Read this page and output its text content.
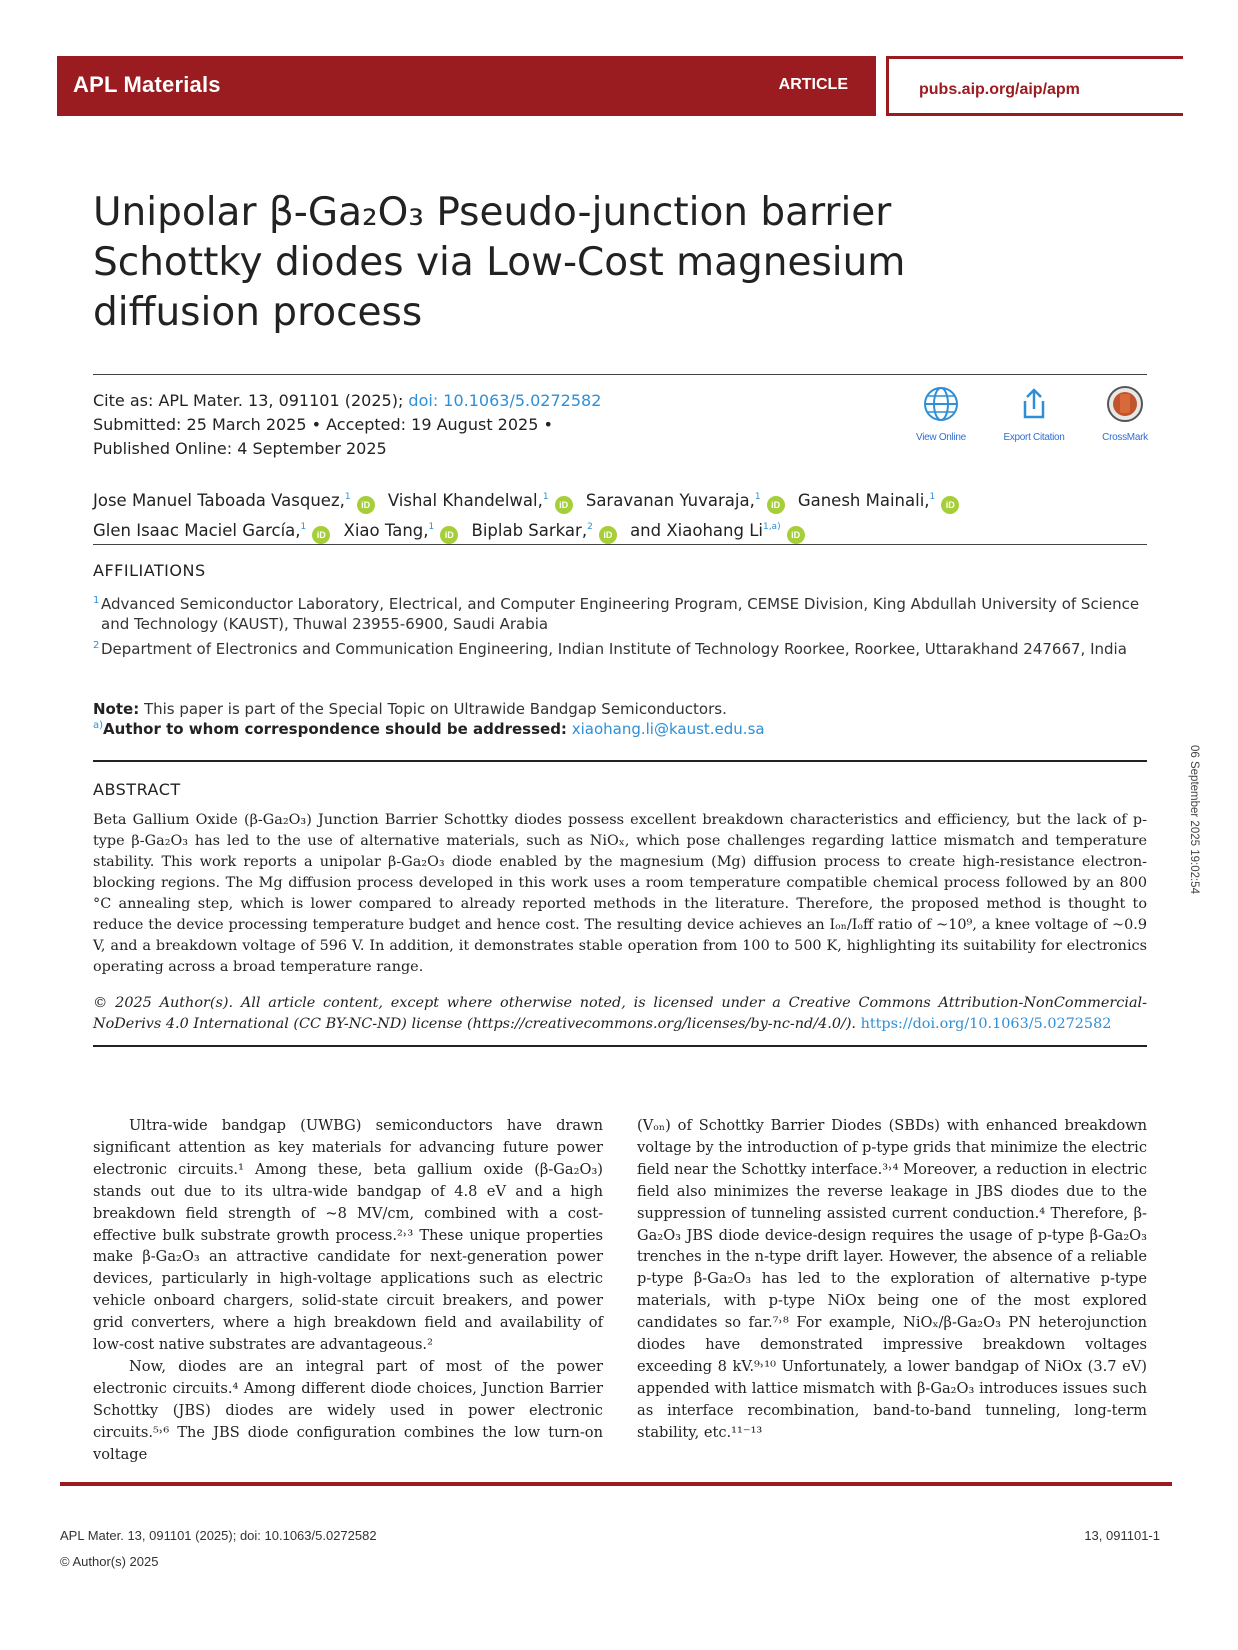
APL Materials	ARTICLE	pubs.aip.org/aip/apm
Unipolar β-Ga₂O₃ Pseudo-junction barrier Schottky diodes via Low-Cost magnesium diffusion process
Cite as: APL Mater. 13, 091101 (2025); doi: 10.1063/5.0272582
Submitted: 25 March 2025 • Accepted: 19 August 2025 •
Published Online: 4 September 2025
View Online	Export Citation	CrossMark
Jose Manuel Taboada Vasquez,$^1$iD Vishal Khandelwal,$^1$iD Saravanan Yuvaraja,$^1$iD Ganesh Mainali,$^1$iD
Glen Isaac Maciel García,$^1$iD Xiao Tang,$^1$iD Biplab Sarkar,$^2$iD and Xiaohang Li$^{1,a)}$iD
AFFILIATIONS
1 Advanced Semiconductor Laboratory, Electrical, and Computer Engineering Program, CEMSE Division, King Abdullah University of Science and Technology (KAUST), Thuwal 23955-6900, Saudi Arabia
2 Department of Electronics and Communication Engineering, Indian Institute of Technology Roorkee, Roorkee, Uttarakhand 247667, India
Note: This paper is part of the Special Topic on Ultrawide Bandgap Semiconductors.
$^{a)}$Author to whom correspondence should be addressed: xiaohang.li@kaust.edu.sa
ABSTRACT
Beta Gallium Oxide (β-Ga₂O₃) Junction Barrier Schottky diodes possess excellent breakdown characteristics and efficiency, but the lack of p-type β-Ga₂O₃ has led to the use of alternative materials, such as NiOₓ, which pose challenges regarding lattice mismatch and temperature stability. This work reports a unipolar β-Ga₂O₃ diode enabled by the magnesium (Mg) diffusion process to create high-resistance electron-blocking regions. The Mg diffusion process developed in this work uses a room temperature compatible chemical process followed by an 800 °C annealing step, which is lower compared to already reported methods in the literature. Therefore, the proposed method is thought to reduce the device processing temperature budget and hence cost. The resulting device achieves an Iₒₙ/Iₒff ratio of ~10⁹, a knee voltage of ~0.9 V, and a breakdown voltage of 596 V. In addition, it demonstrates stable operation from 100 to 500 K, highlighting its suitability for electronics operating across a broad temperature range.
© 2025 Author(s). All article content, except where otherwise noted, is licensed under a Creative Commons Attribution-NonCommercial-NoDerivs 4.0 International (CC BY-NC-ND) license (https://creativecommons.org/licenses/by-nc-nd/4.0/). https://doi.org/10.1063/5.0272582

Ultra-wide bandgap (UWBG) semiconductors have drawn significant attention as key materials for advancing future power electronic circuits.¹ Among these, beta gallium oxide (β-Ga₂O₃) stands out due to its ultra-wide bandgap of 4.8 eV and a high breakdown field strength of ~8 MV/cm, combined with a cost-effective bulk substrate growth process.²˒³ These unique properties make β-Ga₂O₃ an attractive candidate for next-generation power devices, particularly in high-voltage applications such as electric vehicle onboard chargers, solid-state circuit breakers, and power grid converters, where a high breakdown field and availability of low-cost native substrates are advantageous.²

Now, diodes are an integral part of most of the power electronic circuits.⁴ Among different diode choices, Junction Barrier Schottky (JBS) diodes are widely used in power electronic circuits.⁵˒⁶ The JBS diode configuration combines the low turn-on voltage

(Vₒₙ) of Schottky Barrier Diodes (SBDs) with enhanced breakdown voltage by the introduction of p-type grids that minimize the electric field near the Schottky interface.³˒⁴ Moreover, a reduction in electric field also minimizes the reverse leakage in JBS diodes due to the suppression of tunneling assisted current conduction.⁴ Therefore, β-Ga₂O₃ JBS diode device-design requires the usage of p-type β-Ga₂O₃ trenches in the n-type drift layer. However, the absence of a reliable p-type β-Ga₂O₃ has led to the exploration of alternative p-type materials, with p-type NiOx being one of the most explored candidates so far.⁷˒⁸ For example, NiOₓ/β-Ga₂O₃ PN heterojunction diodes have demonstrated impressive breakdown voltages exceeding 8 kV.⁹˒¹⁰ Unfortunately, a lower bandgap of NiOx (3.7 eV) appended with lattice mismatch with β-Ga₂O₃ introduces issues such as interface recombination, band-to-band tunneling, long-term stability, etc.¹¹⁻¹³

APL Mater. 13, 091101 (2025); doi: 10.1063/5.0272582
© Author(s) 2025
13, 091101-1
06 September 2025 19:02:54
